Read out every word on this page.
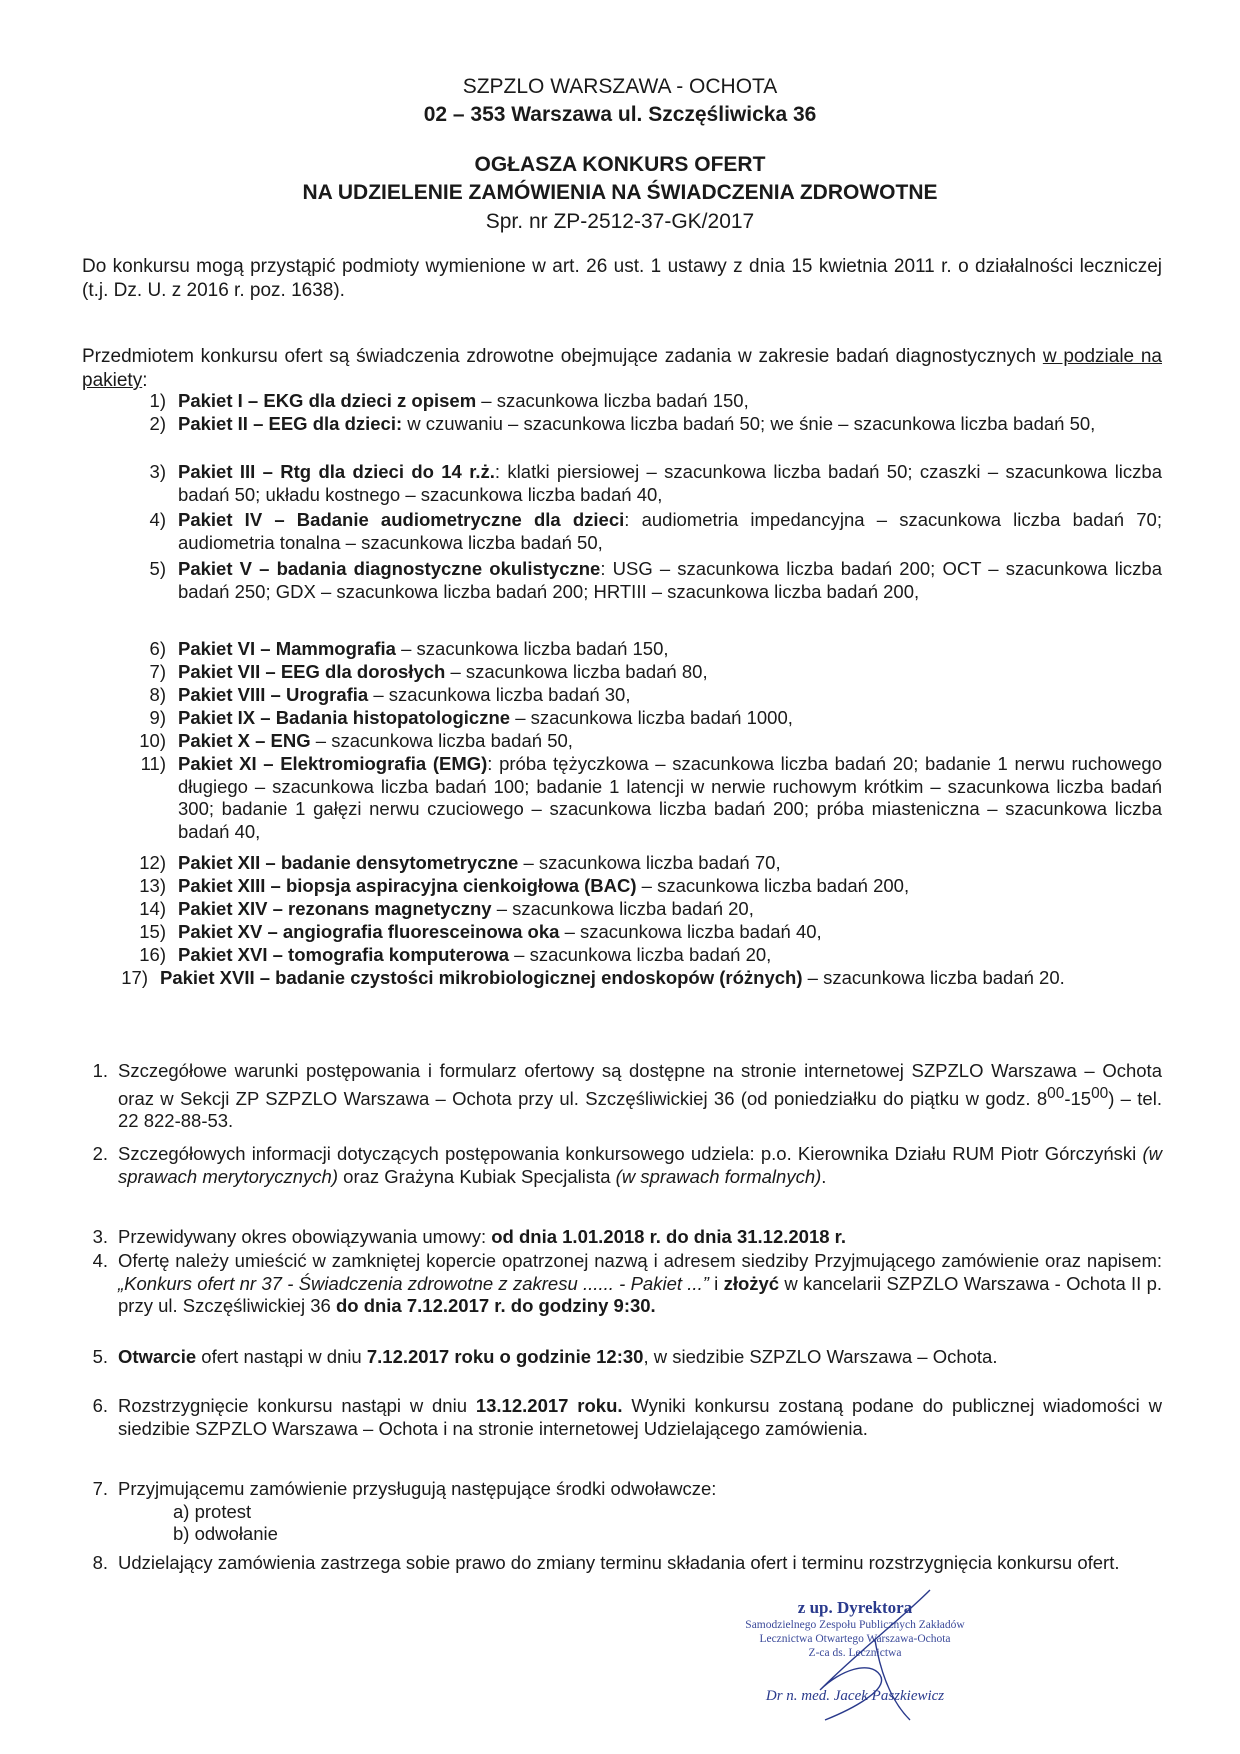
SZPZLO WARSZAWA - OCHOTA
02 – 353 Warszawa ul. Szczęśliwicka 36
OGŁASZA KONKURS OFERT
NA UDZIELENIE ZAMÓWIENIA NA ŚWIADCZENIA ZDROWOTNE
Spr. nr ZP-2512-37-GK/2017
Do konkursu mogą przystąpić podmioty wymienione w art. 26 ust. 1 ustawy z dnia 15 kwietnia 2011 r. o działalności leczniczej (t.j. Dz. U. z 2016 r. poz. 1638).
Przedmiotem konkursu ofert są świadczenia zdrowotne obejmujące zadania w zakresie badań diagnostycznych w podziale na pakiety:
1) Pakiet I – EKG dla dzieci z opisem – szacunkowa liczba badań 150,
2) Pakiet II – EEG dla dzieci: w czuwaniu – szacunkowa liczba badań 50; we śnie – szacunkowa liczba badań 50,
3) Pakiet III – Rtg dla dzieci do 14 r.ż.: klatki piersiowej – szacunkowa liczba badań 50; czaszki – szacunkowa liczba badań 50; układu kostnego – szacunkowa liczba badań 40,
4) Pakiet IV – Badanie audiometryczne dla dzieci: audiometria impedancyjna – szacunkowa liczba badań 70; audiometria tonalna – szacunkowa liczba badań 50,
5) Pakiet V – badania diagnostyczne okulistyczne: USG – szacunkowa liczba badań 200; OCT – szacunkowa liczba badań 250; GDX – szacunkowa liczba badań 200; HRTIII – szacunkowa liczba badań 200,
6) Pakiet VI – Mammografia – szacunkowa liczba badań 150,
7) Pakiet VII – EEG dla dorosłych – szacunkowa liczba badań 80,
8) Pakiet VIII – Urografia – szacunkowa liczba badań 30,
9) Pakiet IX – Badania histopatologiczne – szacunkowa liczba badań 1000,
10) Pakiet X – ENG – szacunkowa liczba badań 50,
11) Pakiet XI – Elektromiografia (EMG): próba tężyczkowa – szacunkowa liczba badań 20; badanie 1 nerwu ruchowego długiego – szacunkowa liczba badań 100; badanie 1 latencji w nerwie ruchowym krótkim – szacunkowa liczba badań 300; badanie 1 gałęzi nerwu czuciowego – szacunkowa liczba badań 200; próba miasteniczna – szacunkowa liczba badań 40,
12) Pakiet XII – badanie densytometryczne – szacunkowa liczba badań 70,
13) Pakiet XIII – biopsja aspiracyjna cienkoigłowa (BAC) – szacunkowa liczba badań 200,
14) Pakiet XIV – rezonans magnetyczny – szacunkowa liczba badań 20,
15) Pakiet XV – angiografia fluoresceinowa oka – szacunkowa liczba badań 40,
16) Pakiet XVI – tomografia komputerowa – szacunkowa liczba badań 20,
17) Pakiet XVII – badanie czystości mikrobiologicznej endoskopów (różnych) – szacunkowa liczba badań 20.
1. Szczegółowe warunki postępowania i formularz ofertowy są dostępne na stronie internetowej SZPZLO Warszawa – Ochota oraz w Sekcji ZP SZPZLO Warszawa – Ochota przy ul. Szczęśliwickiej 36 (od poniedziałku do piątku w godz. $8^{00}-15^{00}$) – tel. 22 822-88-53.
2. Szczegółowych informacji dotyczących postępowania konkursowego udziela: p.o. Kierownika Działu RUM Piotr Górczyński (w sprawach merytorycznych) oraz Grażyna Kubiak Specjalista (w sprawach formalnych).
3. Przewidywany okres obowiązywania umowy: od dnia 1.01.2018 r. do dnia 31.12.2018 r.
4. Ofertę należy umieścić w zamkniętej kopercie opatrzonej nazwą i adresem siedziby Przyjmującego zamówienie oraz napisem: „Konkurs ofert nr 37 - Świadczenia zdrowotne z zakresu ...... - Pakiet ...” i złożyć w kancelarii SZPZLO Warszawa - Ochota II p. przy ul. Szczęśliwickiej 36 do dnia 7.12.2017 r. do godziny 9:30.
5. Otwarcie ofert nastąpi w dniu 7.12.2017 roku o godzinie 12:30, w siedzibie SZPZLO Warszawa – Ochota.
6. Rozstrzygnięcie konkursu nastąpi w dniu 13.12.2017 roku. Wyniki konkursu zostaną podane do publicznej wiadomości w siedzibie SZPZLO Warszawa – Ochota i na stronie internetowej Udzielającego zamówienia.
7. Przyjmującemu zamówienie przysługują następujące środki odwoławcze:
a) protest
b) odwołanie
8. Udzielający zamówienia zastrzega sobie prawo do zmiany terminu składania ofert i terminu rozstrzygnięcia konkursu ofert.
z up. Dyrektora
Samodzielnego Zespołu Publicznych Zakładów
Lecznictwa Otwartego Warszawa-Ochota
Z-ca ds. Lecznictwa
Dr n. med. Jacek Paszkiewicz
